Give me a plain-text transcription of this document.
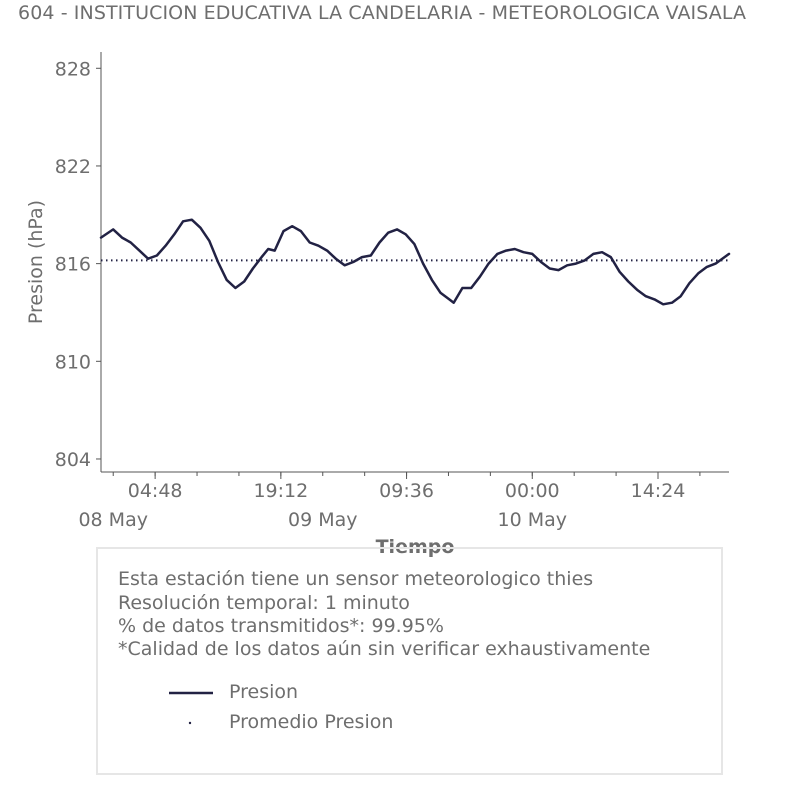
604 - INSTITUCION EDUCATIVA LA CANDELARIA - METEOROLOGICA VAISALA
804
810
816
822
828
04:48	19:12	09:36	00:00	14:24
08 May	09 May	10 May
Presion (hPa)
Tiempo
Esta estación tiene un sensor meteorologico thies
Resolución temporal: 1 minuto
% de datos transmitidos*: 99.95%
*Calidad de los datos aún sin verificar exhaustivamente
Presion
Promedio Presion
